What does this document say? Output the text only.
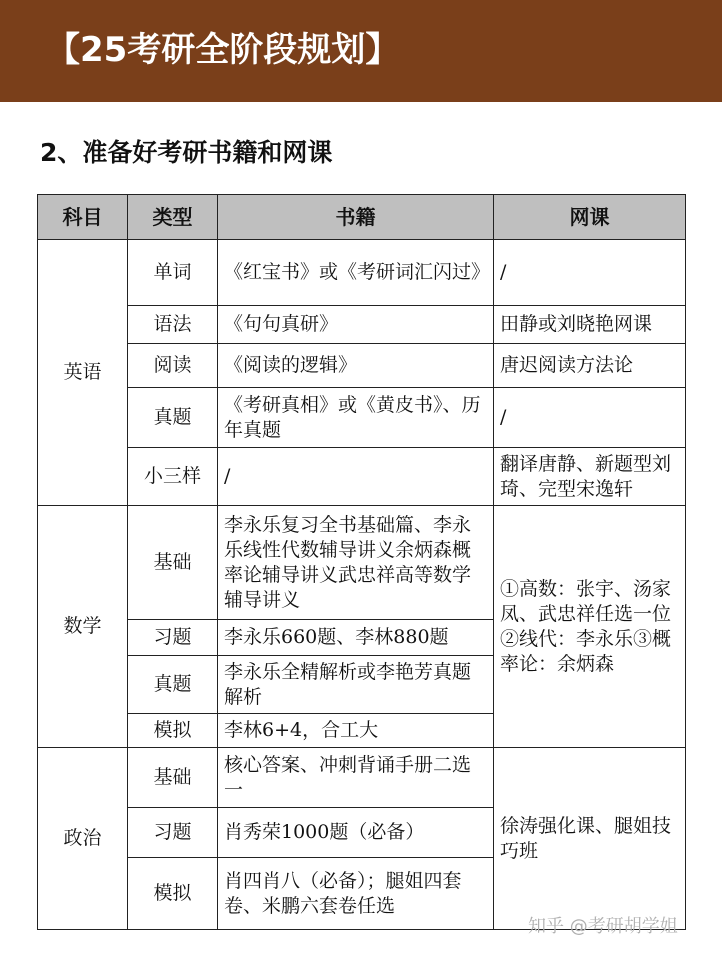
【25考研全阶段规划】
2、准备好考研书籍和网课
科目	类型	书籍	网课
英语	单词	《红宝书》或《考研词汇闪过》	/
	语法	《句句真研》	田静或刘晓艳网课
	阅读	《阅读的逻辑》	唐迟阅读方法论
	真题	《考研真相》或《黄皮书》、历年真题	/
	小三样	/	翻译唐静、新题型刘琦、完型宋逸轩
数学	基础	李永乐复习全书基础篇、李永乐线性代数辅导讲义余炳森概率论辅导讲义武忠祥高等数学辅导讲义	①高数：张宇、汤家凤、武忠祥任选一位②线代：李永乐③概率论：余炳森
	习题	李永乐660题、李林880题	
	真题	李永乐全精解析或李艳芳真题解析	
	模拟	李林6+4，合工大	
政治	基础	核心答案、冲刺背诵手册二选一	徐涛强化课、腿姐技巧班
	习题	肖秀荣1000题（必备）	
	模拟	肖四肖八（必备）；腿姐四套卷、米鹏六套卷任选	
知乎 @考研胡学姐
